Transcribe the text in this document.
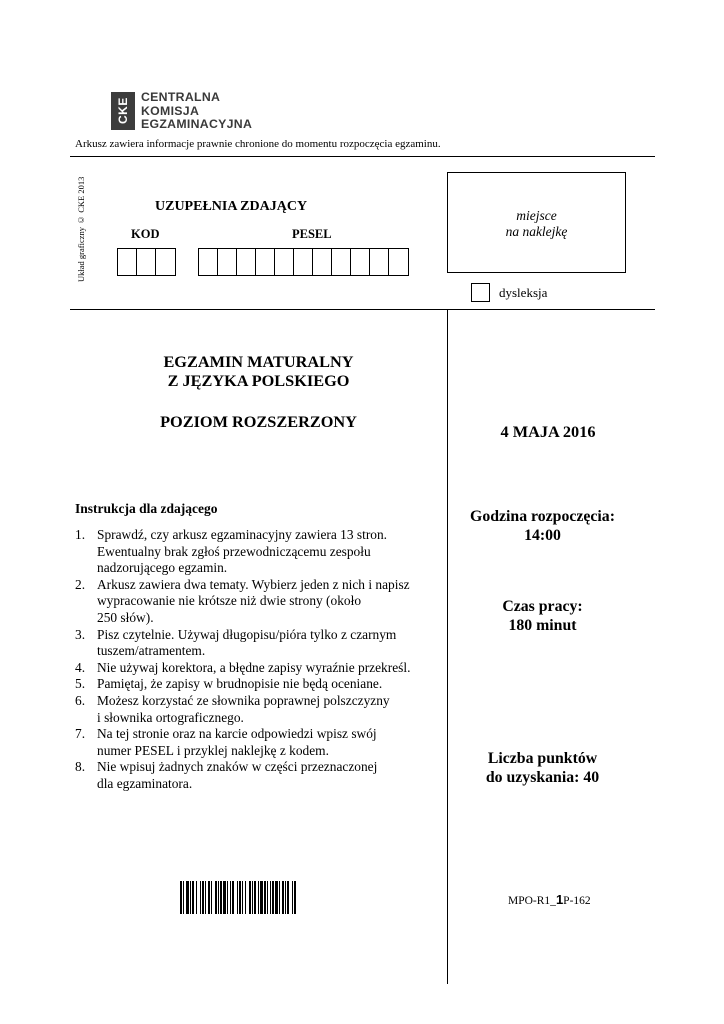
CKE
CENTRALNA
KOMISJA
EGZAMINACYJNA
Arkusz zawiera informacje prawnie chronione do momentu rozpoczęcia egzaminu.
Układ graficzny © CKE 2013	UZUPEŁNIA ZDAJĄCY
KOD	PESEL
miejsce
na naklejkę
dysleksja
EGZAMIN MATURALNY
Z JĘZYKA POLSKIEGO
POZIOM ROZSZERZONY
4 MAJA 2016
Godzina rozpoczęcia:
14:00
Czas pracy:
180 minut
Liczba punktów
do uzyskania: 40
Instrukcja dla zdającego
1. Sprawdź, czy arkusz egzaminacyjny zawiera 13 stron.
Ewentualny brak zgłoś przewodniczącemu zespołu
nadzorującego egzamin.
2. Arkusz zawiera dwa tematy. Wybierz jeden z nich i napisz
wypracowanie nie krótsze niż dwie strony (około
250 słów).
3. Pisz czytelnie. Używaj długopisu/pióra tylko z czarnym
tuszem/atramentem.
4. Nie używaj korektora, a błędne zapisy wyraźnie przekreśl.
5. Pamiętaj, że zapisy w brudnopisie nie będą oceniane.
6. Możesz korzystać ze słownika poprawnej polszczyzny
i słownika ortograficznego.
7. Na tej stronie oraz na karcie odpowiedzi wpisz swój
numer PESEL i przyklej naklejkę z kodem.
8. Nie wpisuj żadnych znaków w części przeznaczonej
dla egzaminatora.
MPO-R1_1P-162
